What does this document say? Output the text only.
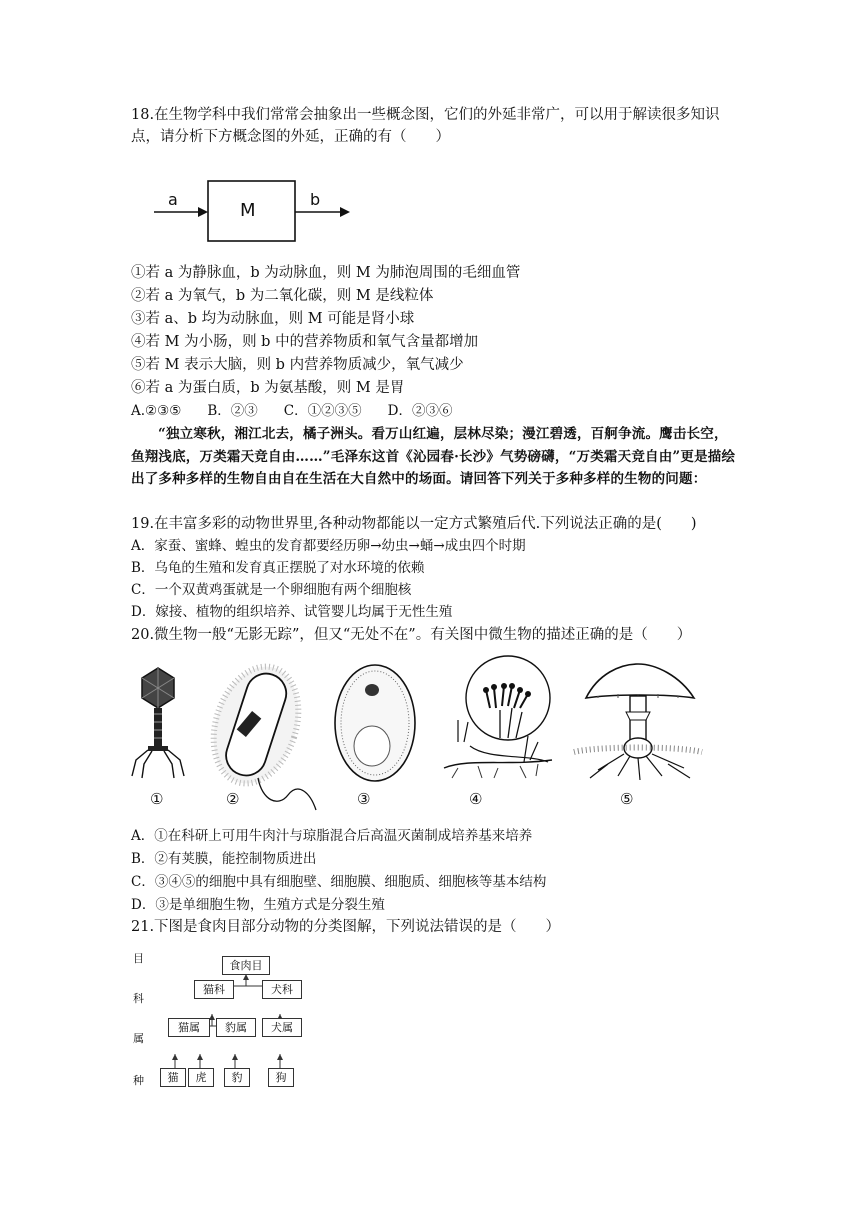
18.在生物学科中我们常常会抽象出一些概念图，它们的外延非常广，可以用于解读很多知识点，请分析下方概念图的外延，正确的有（　　）
a
M
b
①若 a 为静脉血，b 为动脉血，则 M 为肺泡周围的毛细血管
②若 a 为氧气，b 为二氧化碳，则 M 是线粒体
③若 a、b 均为动脉血，则 M 可能是肾小球
④若 M 为小肠，则 b 中的营养物质和氧气含量都增加
⑤若 M 表示大脑，则 b 内营养物质减少，氧气减少
⑥若 a 为蛋白质，b 为氨基酸，则 M 是胃
A.②③⑤ B．②③ C．①②③⑤ D．②③⑥
“独立寒秋，湘江北去，橘子洲头。看万山红遍，层林尽染；漫江碧透，百舸争流。鹰击长空，鱼翔浅底，万类霜天竞自由……”毛泽东这首《沁园春·长沙》气势磅礴，“万类霜天竞自由”更是描绘出了多种多样的生物自由自在生活在大自然中的场面。请回答下列关于多种多样的生物的问题：
19.在丰富多彩的动物世界里,各种动物都能以一定方式繁殖后代.下列说法正确的是(　　)
A．家蚕、蜜蜂、蝗虫的发育都要经历卵→幼虫→蛹→成虫四个时期
B．乌龟的生殖和发育真正摆脱了对水环境的依赖
C．一个双黄鸡蛋就是一个卵细胞有两个细胞核
D．嫁接、植物的组织培养、试管婴儿均属于无性生殖
20.微生物一般“无影无踪”，但又“无处不在”。有关图中微生物的描述正确的是（　　）
①	②	③	④	⑤
A．①在科研上可用牛肉汁与琼脂混合后高温灭菌制成培养基来培养
B．②有荚膜，能控制物质进出
C．③④⑤的细胞中具有细胞壁、细胞膜、细胞质、细胞核等基本结构
D．③是单细胞生物，生殖方式是分裂生殖
21.下图是食肉目部分动物的分类图解，下列说法错误的是（　　）
目
科
属
种
食肉目
猫科	犬科
猫属	豹属	犬属
猫	虎	豹	狗
